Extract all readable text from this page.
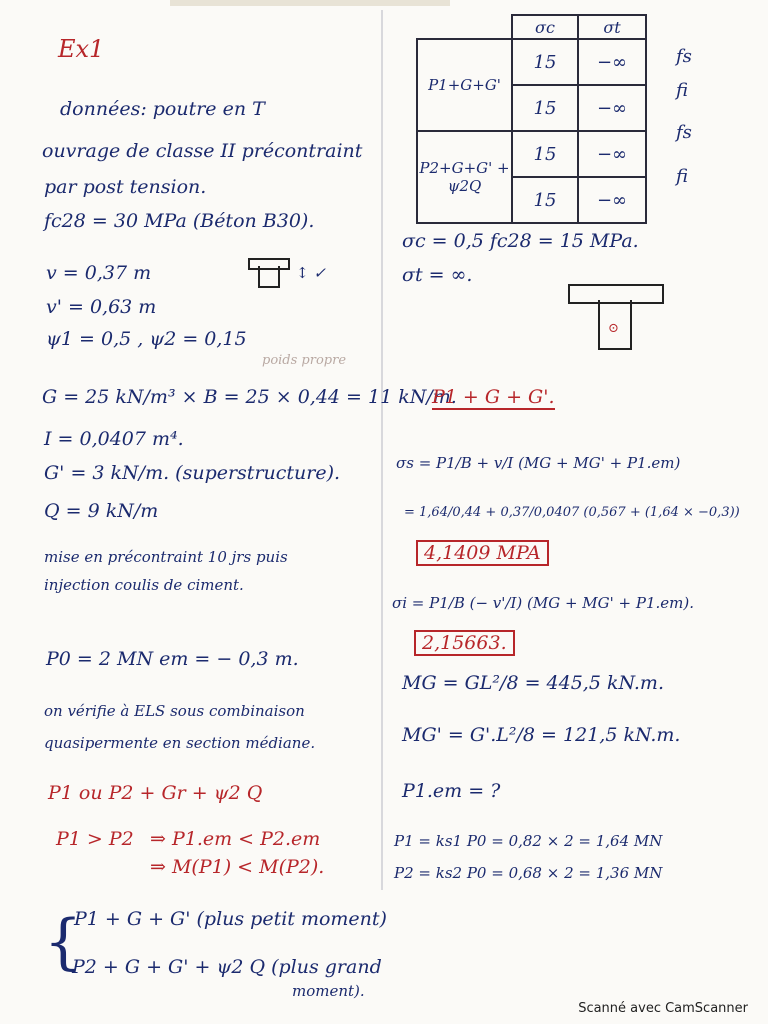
Ex1
données: poutre en T
ouvrage de classe II précontraint
par post tension.
fc28 = 30 MPa (Béton B30).
v = 0,37 m	↕ ✓
v' = 0,63 m
ψ1 = 0,5 , ψ2 = 0,15
poids propre
G = 25 kN/m³ × B = 25 × 0,44 = 11 kN/m.
I = 0,0407 m⁴.
G' = 3 kN/m. (superstructure).
Q = 9 kN/m
mise en précontraint 10 jrs puis
injection coulis de ciment.
P0 = 2 MN em = − 0,3 m.
on vérifie à ELS sous combinaison
quasipermente en section médiane.
P1 ou P2 + Gr + ψ2 Q
P1 > P2 ⇒ P1.em < P2.em
⇒ M(P1) < M(P2).
{
P1 + G + G' (plus petit moment)
P2 + G + G' + ψ2 Q (plus grand
moment).
	σc	σt
P1+G+G'	15	−∞
	15	−∞
P2+G+G' + ψ2Q	15	−∞
	15	−∞
fs
fi
fs
fi
σc = 0,5 fc28 = 15 MPa.
σt = ∞.
⊙
P1 + G + G'.
σs = P1/B + v/I (MG + MG' + P1.em)
= 1,64/0,44 + 0,37/0,0407 (0,567 + (1,64 × −0,3))
4,1409 MPA
σi = P1/B (− v'/I) (MG + MG' + P1.em).
2,15663.
MG = GL²/8 = 445,5 kN.m.
MG' = G'.L²/8 = 121,5 kN.m.
P1.em = ?
P1 = ks1 P0 = 0,82 × 2 = 1,64 MN
P2 = ks2 P0 = 0,68 × 2 = 1,36 MN
Scanné avec CamScanner
